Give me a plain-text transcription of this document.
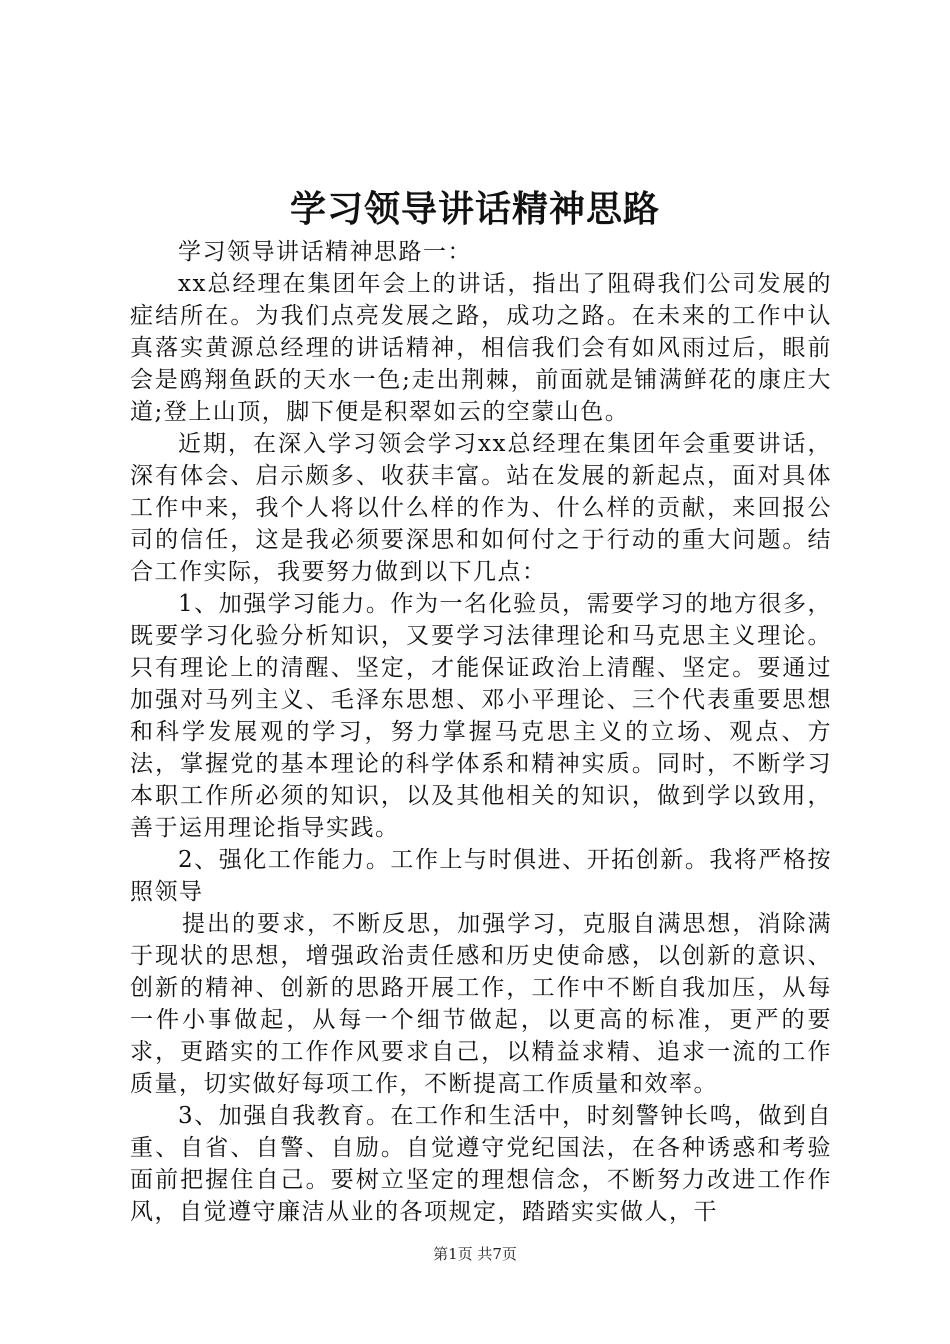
学习领导讲话精神思路

学习领导讲话精神思路一：

xx总经理在集团年会上的讲话，指出了阻碍我们公司发展的症结所在。为我们点亮发展之路，成功之路。在未来的工作中认真落实黄源总经理的讲话精神，相信我们会有如风雨过后，眼前会是鸥翔鱼跃的天水一色;走出荆棘，前面就是铺满鲜花的康庄大道;登上山顶，脚下便是积翠如云的空蒙山色。

近期，在深入学习领会学习xx总经理在集团年会重要讲话，深有体会、启示颇多、收获丰富。站在发展的新起点，面对具体工作中来，我个人将以什么样的作为、什么样的贡献，来回报公司的信任，这是我必须要深思和如何付之于行动的重大问题。结合工作实际，我要努力做到以下几点：

1、加强学习能力。作为一名化验员，需要学习的地方很多，既要学习化验分析知识，又要学习法律理论和马克思主义理论。只有理论上的清醒、坚定，才能保证政治上清醒、坚定。要通过加强对马列主义、毛泽东思想、邓小平理论、三个代表重要思想和科学发展观的学习，努力掌握马克思主义的立场、观点、方法，掌握党的基本理论的科学体系和精神实质。同时，不断学习本职工作所必须的知识，以及其他相关的知识，做到学以致用，善于运用理论指导实践。

2、强化工作能力。工作上与时俱进、开拓创新。我将严格按照领导

提出的要求，不断反思，加强学习，克服自满思想，消除满于现状的思想，增强政治责任感和历史使命感，以创新的意识、创新的精神、创新的思路开展工作，工作中不断自我加压，从每一件小事做起，从每一个细节做起，以更高的标准，更严的要求，更踏实的工作作风要求自己，以精益求精、追求一流的工作质量，切实做好每项工作，不断提高工作质量和效率。

3、加强自我教育。在工作和生活中，时刻警钟长鸣，做到自重、自省、自警、自励。自觉遵守党纪国法，在各种诱惑和考验面前把握住自己。要树立坚定的理想信念，不断努力改进工作作风，自觉遵守廉洁从业的各项规定，踏踏实实做人，干

第1页 共7页
